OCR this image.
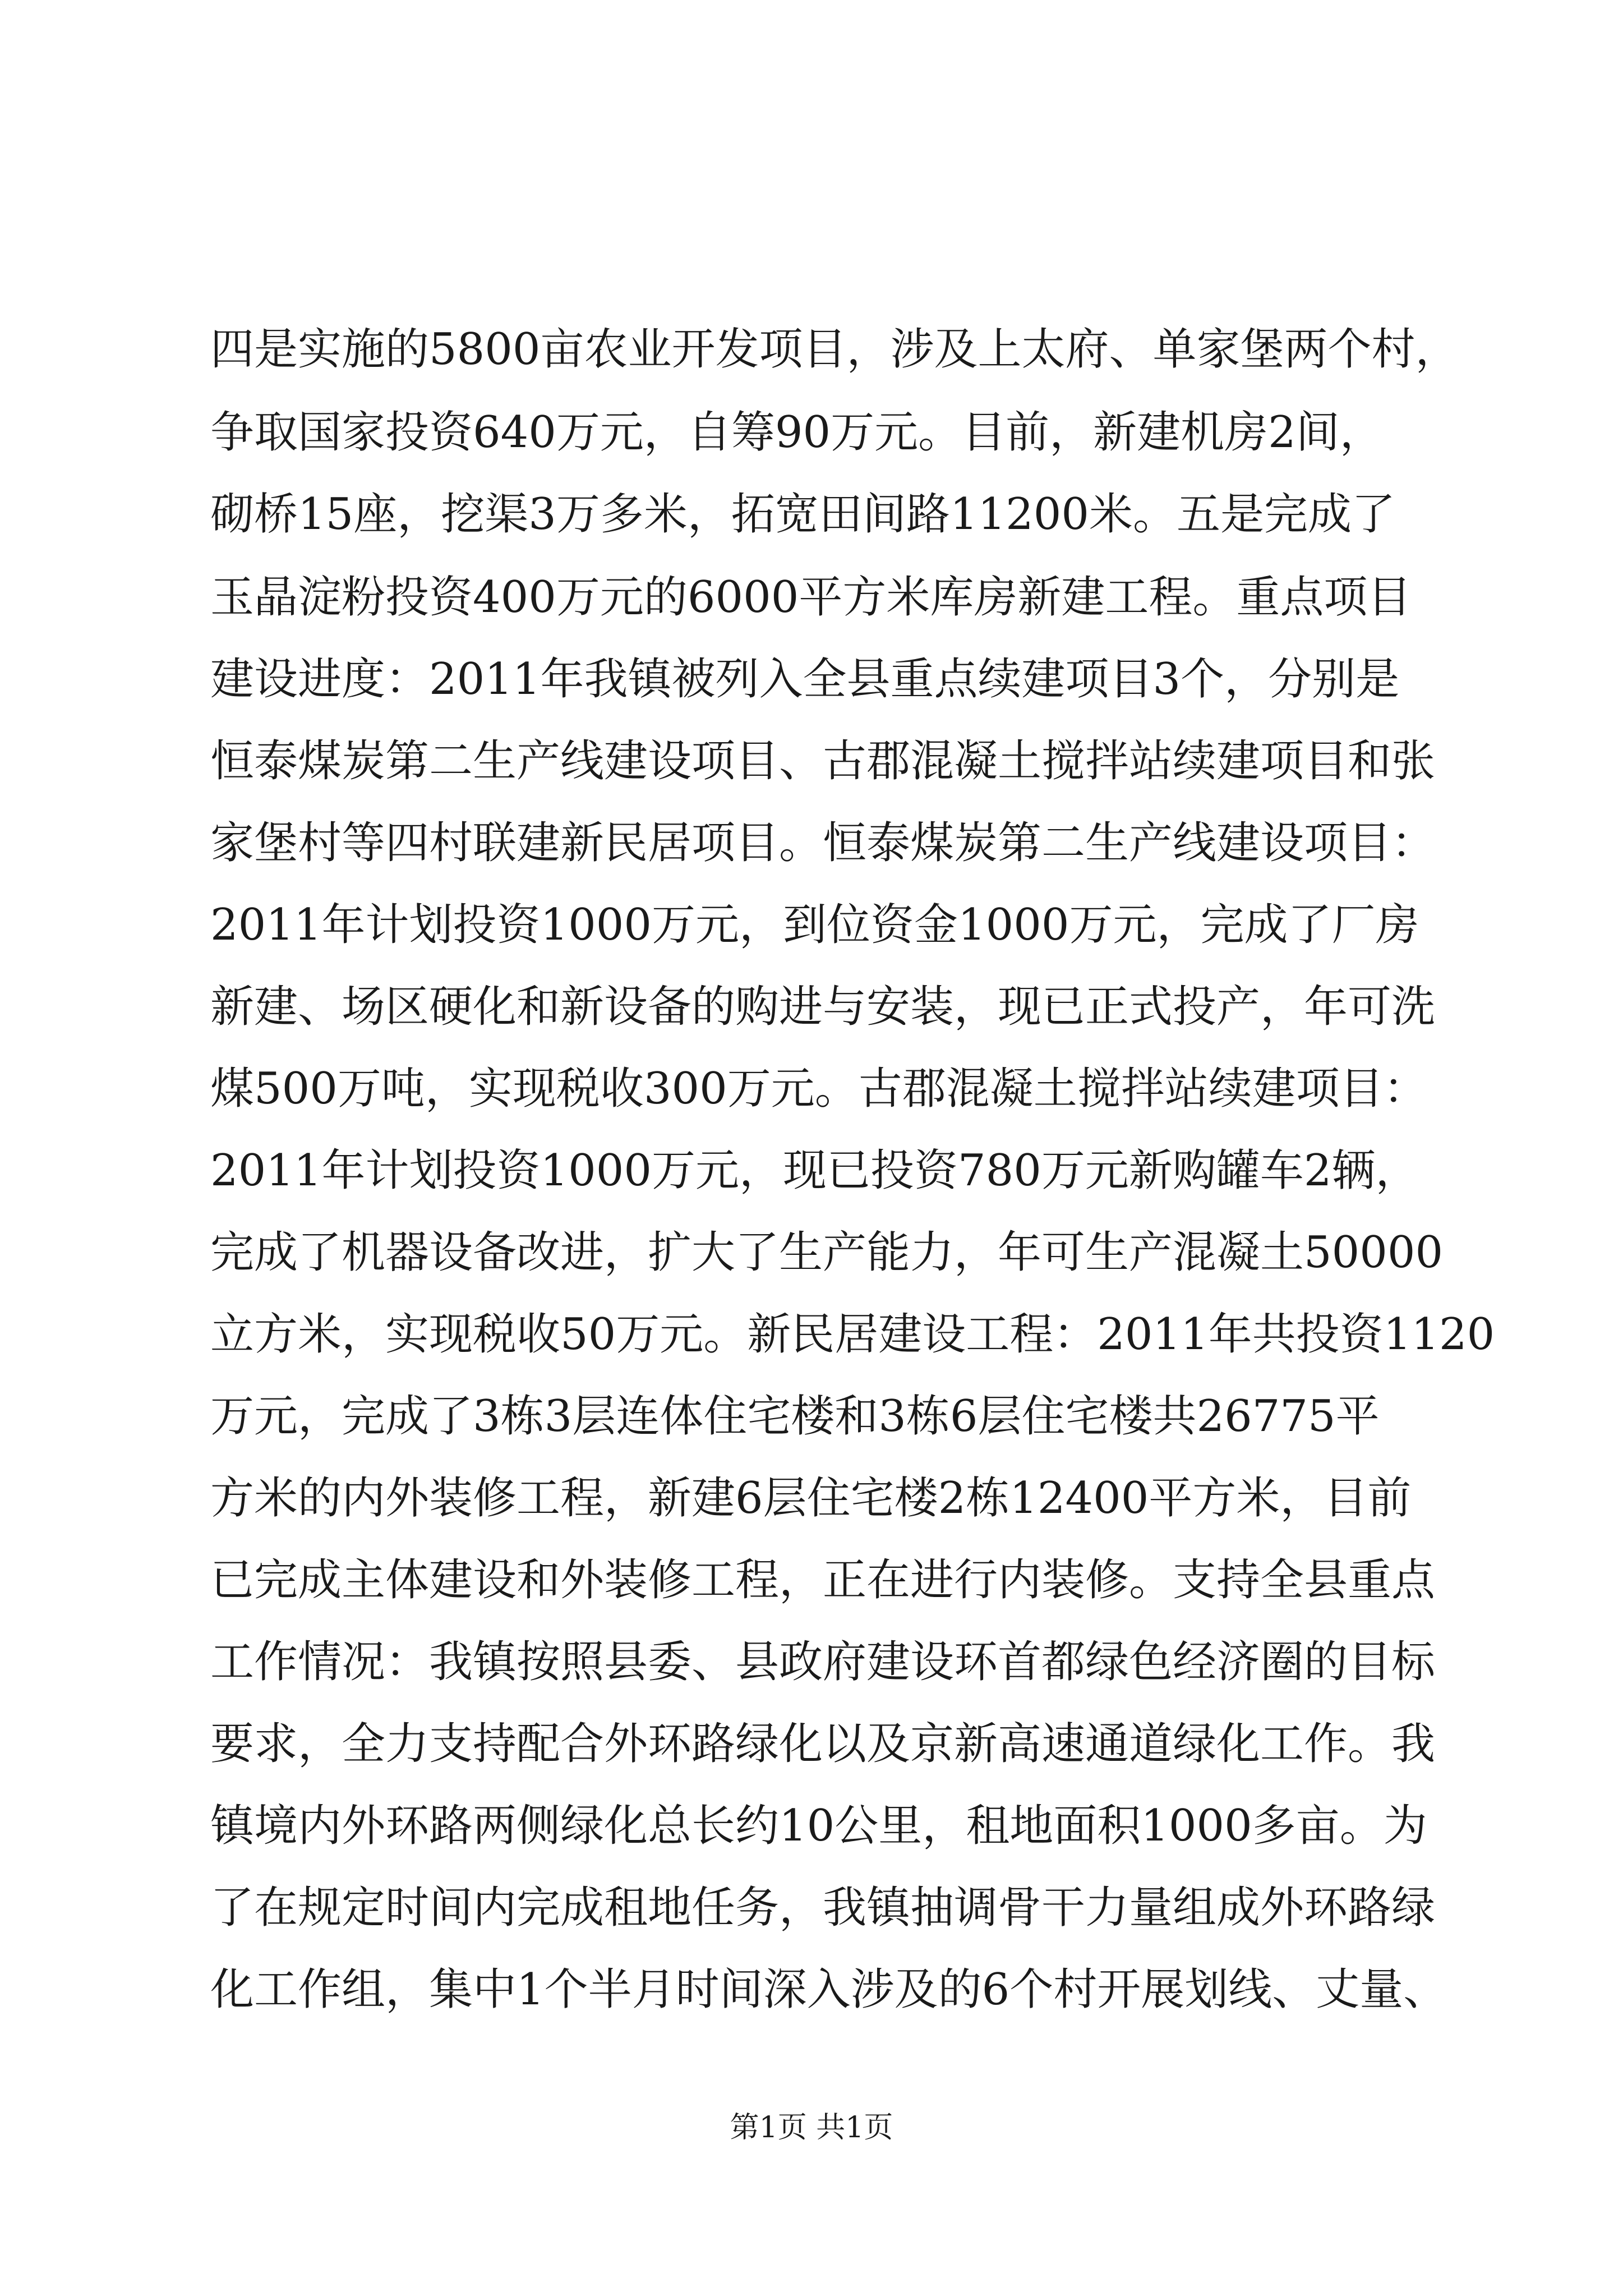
四是实施的5800亩农业开发项目，涉及上太府、单家堡两个村，
争取国家投资640万元，自筹90万元。目前，新建机房2间，
砌桥15座，挖渠3万多米，拓宽田间路11200米。五是完成了
玉晶淀粉投资400万元的6000平方米库房新建工程。重点项目
建设进度：2011年我镇被列入全县重点续建项目3个，分别是
恒泰煤炭第二生产线建设项目、古郡混凝土搅拌站续建项目和张
家堡村等四村联建新民居项目。恒泰煤炭第二生产线建设项目：
2011年计划投资1000万元，到位资金1000万元，完成了厂房
新建、场区硬化和新设备的购进与安装，现已正式投产，年可洗
煤500万吨，实现税收300万元。古郡混凝土搅拌站续建项目：
2011年计划投资1000万元，现已投资780万元新购罐车2辆，
完成了机器设备改进，扩大了生产能力，年可生产混凝土50000
立方米，实现税收50万元。新民居建设工程：2011年共投资1120
万元，完成了3栋3层连体住宅楼和3栋6层住宅楼共26775平
方米的内外装修工程，新建6层住宅楼2栋12400平方米，目前
已完成主体建设和外装修工程，正在进行内装修。支持全县重点
工作情况：我镇按照县委、县政府建设环首都绿色经济圈的目标
要求，全力支持配合外环路绿化以及京新高速通道绿化工作。我
镇境内外环路两侧绿化总长约10公里，租地面积1000多亩。为
了在规定时间内完成租地任务，我镇抽调骨干力量组成外环路绿
化工作组，集中1个半月时间深入涉及的6个村开展划线、丈量、
第1页 共1页
